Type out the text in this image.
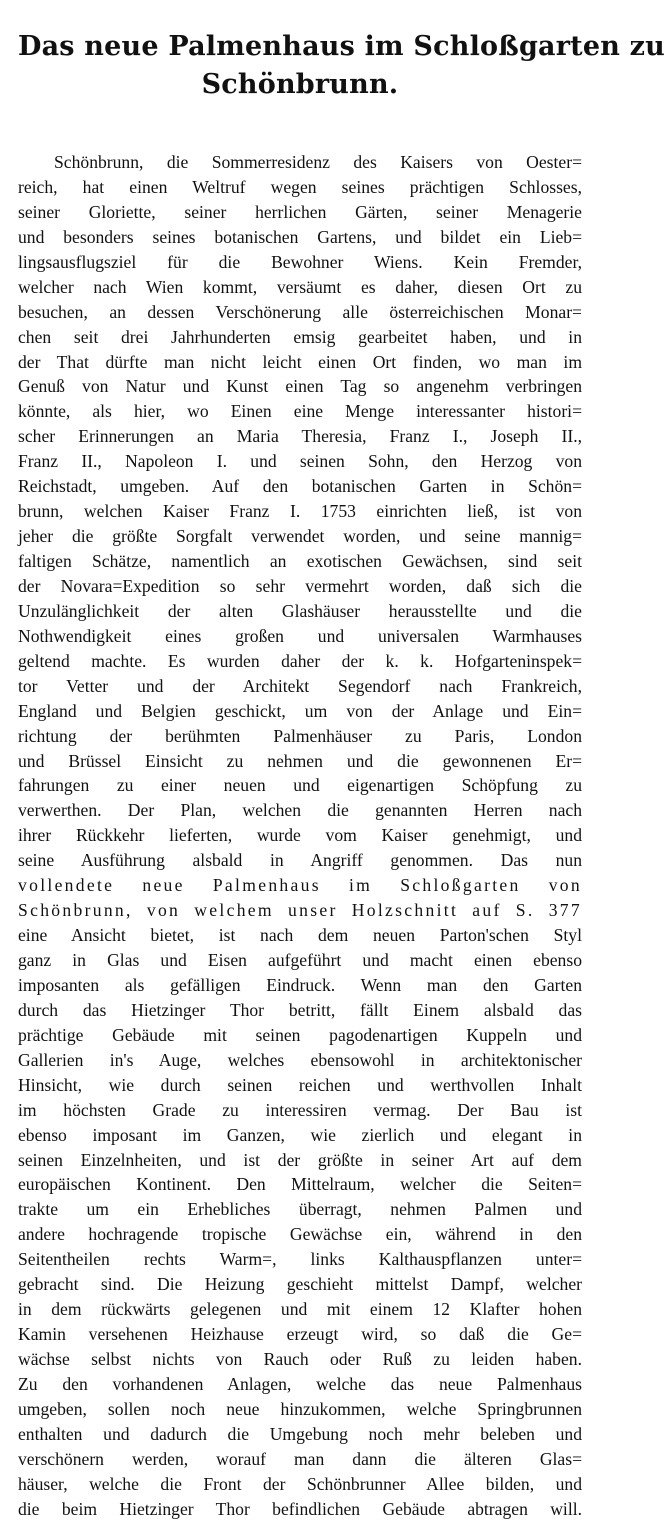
Das neue Palmenhaus im Schloßgarten zu
Schönbrunn.
Schönbrunn, die Sommerresidenz des Kaisers von Oester=
reich, hat einen Weltruf wegen seines prächtigen Schlosses,
seiner Gloriette, seiner herrlichen Gärten, seiner Menagerie
und besonders seines botanischen Gartens, und bildet ein Lieb=
lingsausflugsziel für die Bewohner Wiens. Kein Fremder,
welcher nach Wien kommt, versäumt es daher, diesen Ort zu
besuchen, an dessen Verschönerung alle österreichischen Monar=
chen seit drei Jahrhunderten emsig gearbeitet haben, und in
der That dürfte man nicht leicht einen Ort finden, wo man im
Genuß von Natur und Kunst einen Tag so angenehm verbringen
könnte, als hier, wo Einen eine Menge interessanter histori=
scher Erinnerungen an Maria Theresia, Franz I., Joseph II.,
Franz II., Napoleon I. und seinen Sohn, den Herzog von
Reichstadt, umgeben. Auf den botanischen Garten in Schön=
brunn, welchen Kaiser Franz I. 1753 einrichten ließ, ist von
jeher die größte Sorgfalt verwendet worden, und seine mannig=
faltigen Schätze, namentlich an exotischen Gewächsen, sind seit
der Novara=Expedition so sehr vermehrt worden, daß sich die
Unzulänglichkeit der alten Glashäuser herausstellte und die
Nothwendigkeit eines großen und universalen Warmhauses
geltend machte. Es wurden daher der k. k. Hofgarteninspek=
tor Vetter und der Architekt Segendorf nach Frankreich,
England und Belgien geschickt, um von der Anlage und Ein=
richtung der berühmten Palmenhäuser zu Paris, London
und Brüssel Einsicht zu nehmen und die gewonnenen Er=
fahrungen zu einer neuen und eigenartigen Schöpfung zu
verwerthen. Der Plan, welchen die genannten Herren nach
ihrer Rückkehr lieferten, wurde vom Kaiser genehmigt, und
seine Ausführung alsbald in Angriff genommen. Das nun
vollendete neue Palmenhaus im Schloßgarten von
Schönbrunn, von welchem unser Holzschnitt auf S. 377
eine Ansicht bietet, ist nach dem neuen Parton'schen Styl
ganz in Glas und Eisen aufgeführt und macht einen ebenso
imposanten als gefälligen Eindruck. Wenn man den Garten
durch das Hietzinger Thor betritt, fällt Einem alsbald das
prächtige Gebäude mit seinen pagodenartigen Kuppeln und
Gallerien in's Auge, welches ebensowohl in architektonischer
Hinsicht, wie durch seinen reichen und werthvollen Inhalt
im höchsten Grade zu interessiren vermag. Der Bau ist
ebenso imposant im Ganzen, wie zierlich und elegant in
seinen Einzelnheiten, und ist der größte in seiner Art auf dem
europäischen Kontinent. Den Mittelraum, welcher die Seiten=
trakte um ein Erhebliches überragt, nehmen Palmen und
andere hochragende tropische Gewächse ein, während in den
Seitentheilen rechts Warm=, links Kalthauspflanzen unter=
gebracht sind. Die Heizung geschieht mittelst Dampf, welcher
in dem rückwärts gelegenen und mit einem 12 Klafter hohen
Kamin versehenen Heizhause erzeugt wird, so daß die Ge=
wächse selbst nichts von Rauch oder Ruß zu leiden haben.
Zu den vorhandenen Anlagen, welche das neue Palmenhaus
umgeben, sollen noch neue hinzukommen, welche Springbrunnen
enthalten und dadurch die Umgebung noch mehr beleben und
verschönern werden, worauf man dann die älteren Glas=
häuser, welche die Front der Schönbrunner Allee bilden, und
die beim Hietzinger Thor befindlichen Gebäude abtragen will.
